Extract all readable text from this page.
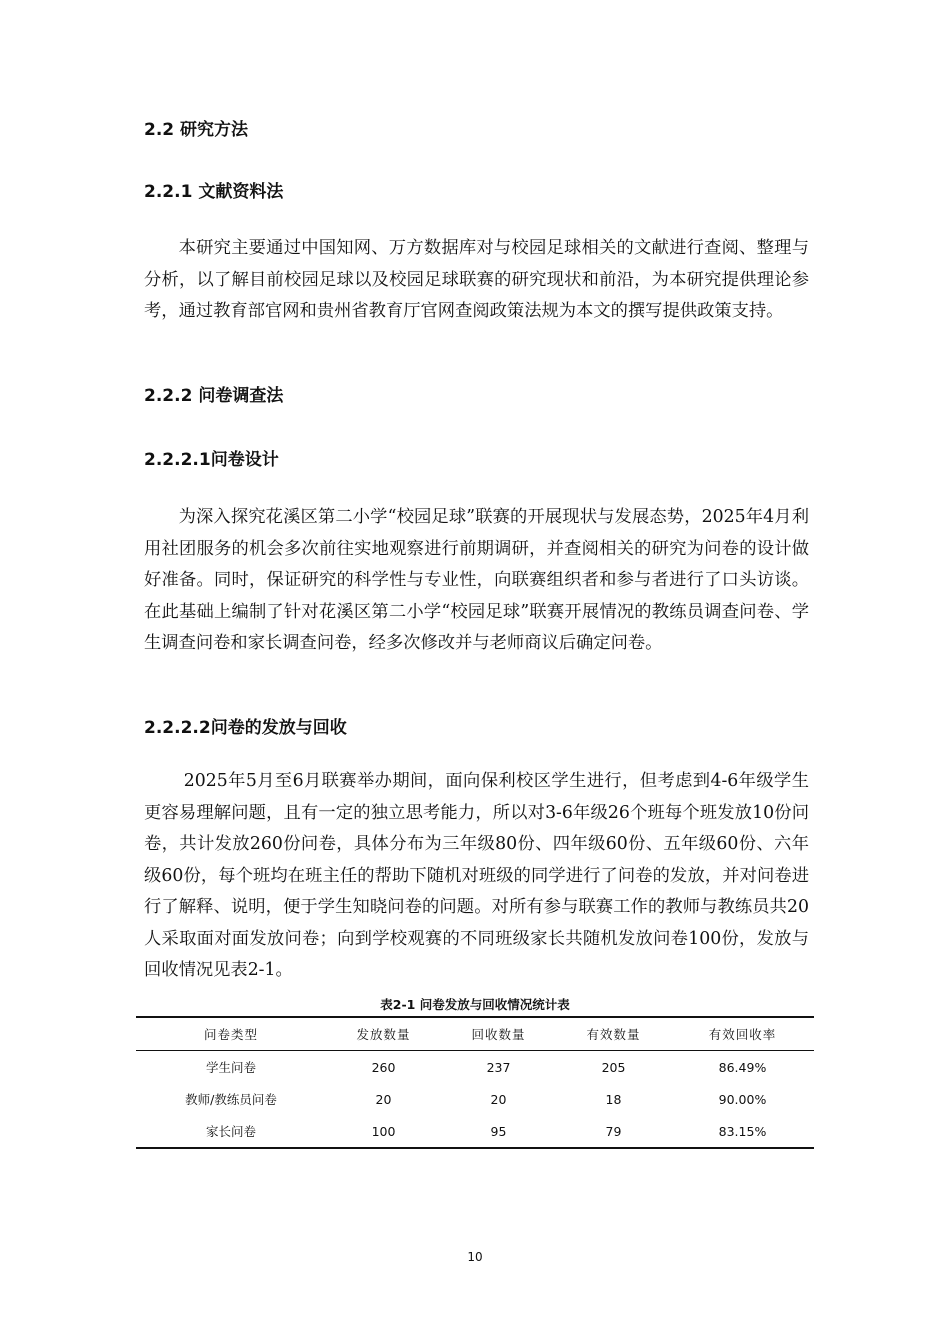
2.2 研究方法
2.2.1 文献资料法

本研究主要通过中国知网、万方数据库对与校园足球相关的文献进行查阅、整理与分析，以了解目前校园足球以及校园足球联赛的研究现状和前沿，为本研究提供理论参考，通过教育部官网和贵州省教育厅官网查阅政策法规为本文的撰写提供政策支持。

2.2.2 问卷调查法
2.2.2.1问卷设计

为深入探究花溪区第二小学“校园足球”联赛的开展现状与发展态势，2025年4月利用社团服务的机会多次前往实地观察进行前期调研，并查阅相关的研究为问卷的设计做好准备。同时，保证研究的科学性与专业性，向联赛组织者和参与者进行了口头访谈。在此基础上编制了针对花溪区第二小学“校园足球”联赛开展情况的教练员调查问卷、学生调查问卷和家长调查问卷，经多次修改并与老师商议后确定问卷。

2.2.2.2问卷的发放与回收

2025年5月至6月联赛举办期间，面向保利校区学生进行，但考虑到4-6年级学生更容易理解问题，且有一定的独立思考能力，所以对3-6年级26个班每个班发放10份问卷，共计发放260份问卷，具体分布为三年级80份、四年级60份、五年级60份、六年级60份，每个班均在班主任的帮助下随机对班级的同学进行了问卷的发放，并对问卷进行了解释、说明，便于学生知晓问卷的问题。对所有参与联赛工作的教师与教练员共20人采取面对面发放问卷；向到学校观赛的不同班级家长共随机发放问卷100份，发放与回收情况见表2-1。

表2-1 问卷发放与回收情况统计表

问卷类型	发放数量	回收数量	有效数量	有效回收率
学生问卷	260	237	205	86.49%
教师/教练员问卷	20	20	18	90.00%
家长问卷	100	95	79	83.15%

10
